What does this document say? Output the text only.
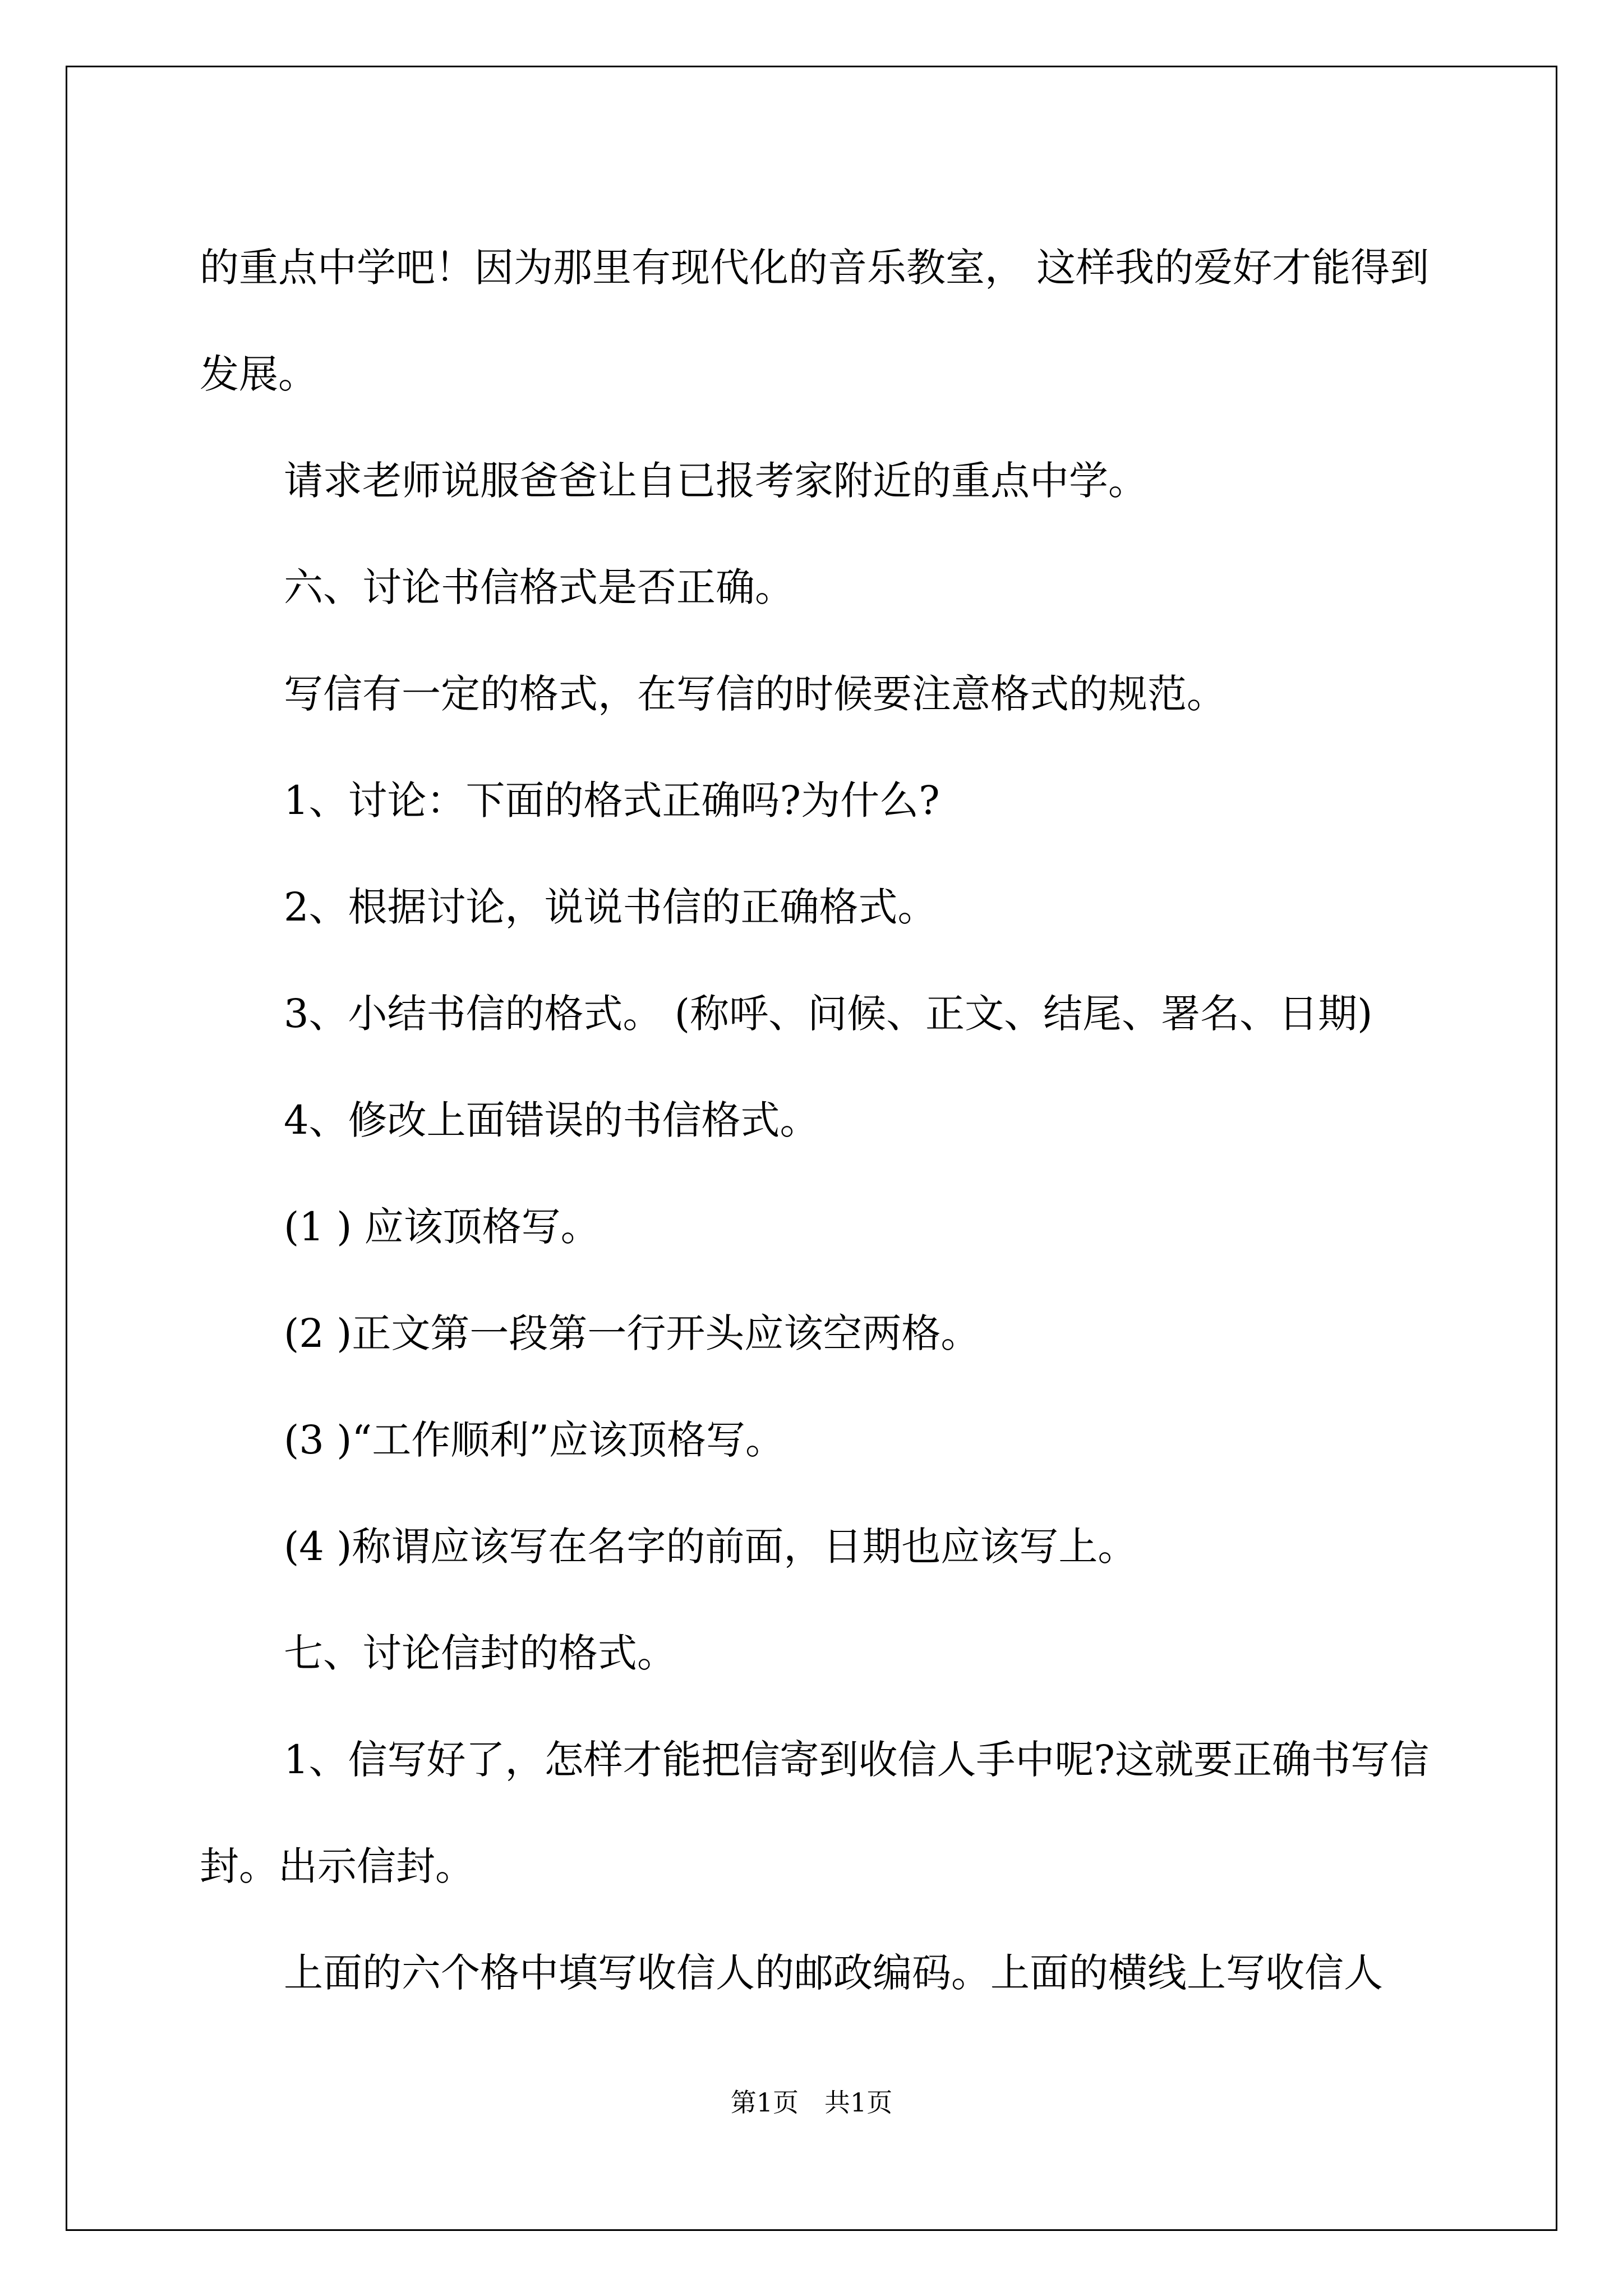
的重点中学吧！因为那里有现代化的音乐教室， 这样我的爱好才能得到发展。

请求老师说服爸爸让自已报考家附近的重点中学。

六、讨论书信格式是否正确。

写信有一定的格式，在写信的时候要注意格式的规范。

1、讨论：下面的格式正确吗?为什么?

2、根据讨论，说说书信的正确格式。

3、小结书信的格式。 (称呼、问候、正文、结尾、署名、日期)

4、修改上面错误的书信格式。

(1 ) 应该顶格写。

(2 )正文第一段第一行开头应该空两格。

(3 )“工作顺利”应该顶格写。

(4 )称谓应该写在名字的前面，日期也应该写上。

七、讨论信封的格式。

1、信写好了，怎样才能把信寄到收信人手中呢?这就要正确书写信封。出示信封。

上面的六个格中填写收信人的邮政编码。上面的横线上写收信人

第1页　共1页
